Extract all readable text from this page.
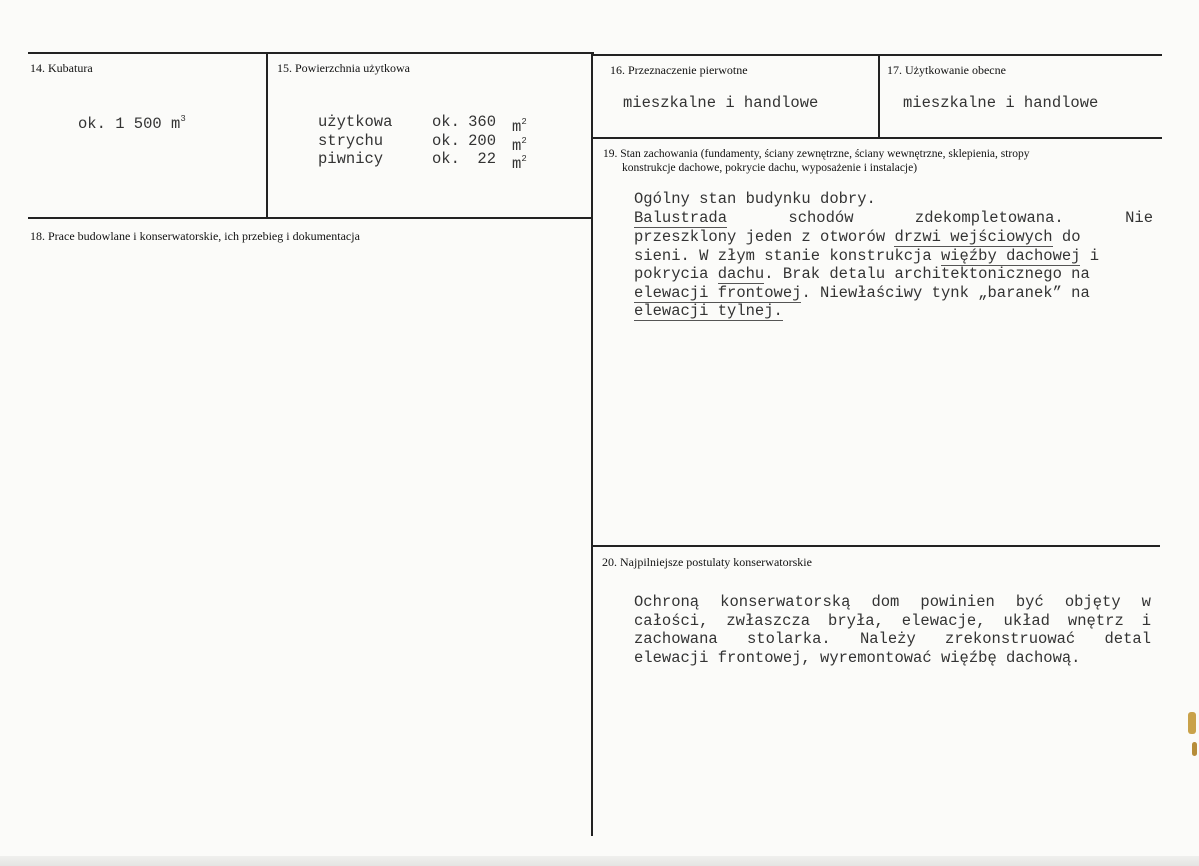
14. Kubatura
ok. 1 500 $m^3$
15. Powierzchnia użytkowa
użytkowa	ok. 360 $m^2$
strychu	ok. 200 $m^2$
piwnicy	ok.	22 $m^2$
16. Przeznaczenie pierwotne
mieszkalne i handlowe
17. Użytkowanie obecne
mieszkalne i handlowe
18. Prace budowlane i konserwatorskie, ich przebieg i dokumentacja
19. Stan zachowania (fundamenty, ściany zewnętrzne, ściany wewnętrzne, sklepienia, stropy
konstrukcje dachowe, pokrycie dachu, wyposażenie i instalacje)
Ogólny stan budynku dobry.
Balustrada	schodów	zdekompletowana.	Nie
przeszklony jeden z otworów drzwi wejściowych do
sieni. W złym stanie konstrukcja więźby dachowej i
pokrycia dachu. Brak detalu architektonicznego na
elewacji frontowej. Niewłaściwy tynk „baranek” na
elewacji tylnej.
20. Najpilniejsze postulaty konserwatorskie
Ochroną konserwatorską dom powinien być objęty w
całości, zwłaszcza bryła, elewacje, układ wnętrz i
zachowana stolarka. Należy zrekonstruować detal
elewacji frontowej, wyremontować więźbę dachową.
